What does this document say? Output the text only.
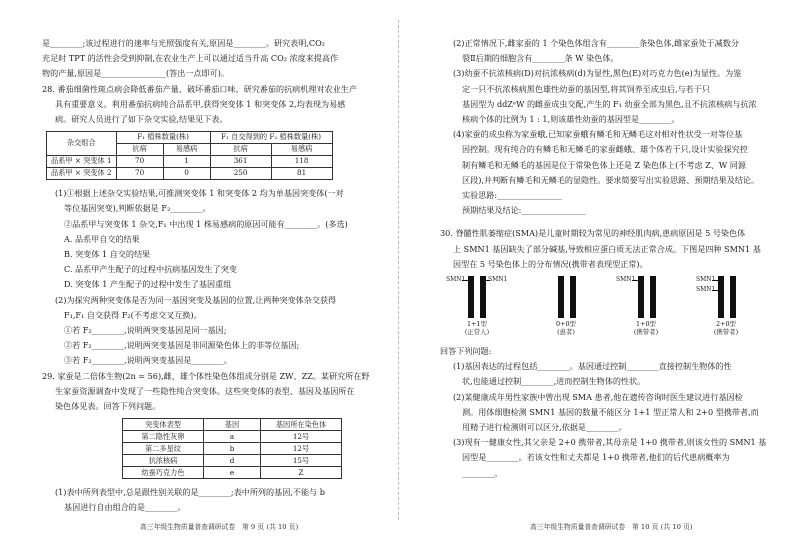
是________;该过程进行的速率与光照强度有关,原因是________。研究表明,CO₂

充足时 TPT 的活性会受到抑制,在农业生产上可以通过适当升高 CO₂ 浓度来提高作

物的产量,原因是________________(答出一点即可)。

28. 番茄细菌性斑点病会降低番茄产量、破坏番茄口味。研究番茄的抗病机理对农业生产

具有重要意义。利用番茄抗病纯合品系甲,获得突变体 1 和突变体 2,均表现为易感

病。研究人员进行了如下杂交实验,结果见下表。

杂交组合	F₁ 植株数量(株)		F₁ 自交得到的 F₂ 植株数量(株)	
	抗病	易感病	抗病	易感病
品系甲 × 突变体 1	70	1	361	118
品系甲 × 突变体 2	70	0	250	81

(1)①根据上述杂交实验结果,可推测突变体 1 和突变体 2 均为单基因突变体(一对

等位基因突变),判断依据是 F₂________。

②品系甲与突变体 1 杂交,F₁ 中出现 1 株易感病的原因可能有________。(多选)

A. 品系甲自交的结果

B. 突变体 1 自交的结果

C. 品系甲产生配子的过程中抗病基因发生了突变

D. 突变体 1 产生配子的过程中发生了基因重组

(2)为探究两种突变体是否为同一基因突变及基因的位置,让两种突变体杂交获得

F₁,F₁ 自交获得 F₂(不考虑交叉互换)。

①若 F₂________,说明两突变基因是同一基因;

②若 F₂________,说明两突变基因是非同源染色体上的非等位基因;

③若 F₂________,说明两突变基因是________。

29. 家蚕是二倍体生物(2n = 56),雌、雄个体性染色体组成分别是 ZW、ZZ。某研究所在野

生家蚕资源调查中发现了一些隐性纯合突变体。这些突变体的表型、基因及基因所在

染色体见表。回答下列问题。

突变体表型	基因	基因所在染色体
第二隐性灰卵	a	12号
第二多星纹	b	12号
抗浓核病	d	15号
幼蚕巧克力色	e	Z

(1)表中所列表型中,总是跟性别关联的是________;表中所列的基因,不能与 b

基因进行自由组合的是________。

高三年级生物质量普查调研试卷　第 9 页 (共 10 页)

(2)正常情况下,雌家蚕的 1 个染色体组含有________条染色体,雌家蚕处于减数分

裂Ⅱ后期的细胞含有________条 W 染色体。

(3)幼蚕不抗浓核病(D)对抗浓核病(d)为显性,黑色(E)对巧克力色(e)为显性。为鉴

定一只不抗浓核病黑色雄性幼蚕的基因型,将其饲养至成虫后,与若干只

基因型为 ddZᵉW 的雌蚕成虫交配,产生的 F₁ 幼蚕全部为黑色,且不抗浓核病与抗浓

核病个体的比例为 1 : 1,则该雄性幼蚕的基因型是________。

(4)家蚕的成虫称为家蚕蛾,已知家蚕蛾有鳞毛和无鳞毛这对相对性状受一对等位基

因控制。现有纯合的有鳞毛和无鳞毛的家蚕雌蛾、雄个体若干只,设计实验探究控

制有鳞毛和无鳞毛的基因是位于常染色体上还是 Z 染色体上(不考虑 Z、W 同源

区段),并判断有鳞毛和无鳞毛的显隐性。要求简要写出实验思路、预期结果及结论。

实验思路:________________

预期结果及结论:________________

30. 脊髓性肌萎缩症(SMA)是儿童时期较为常见的神经肌肉病,患病原因是 5 号染色体

上 SMN1 基因缺失了部分碱基,导致相应蛋白质无法正常合成。下图是四种 SMN1 基

因型在 5 号染色体上的分布情况(携带者表现型正常)。

SMN1	SMN1
1+1型
(正常人)
0+0型
(患者)
SMN1
1+0型
(携带者)
SMN1
SMN1
2+0型
(携带者)

回答下列问题:

(1)基因表达的过程包括________。基因通过控制________直接控制生物体的性

状,也能通过控制________,进而控制生物体的性状。

(2)某健康成年男性家族中曾出现 SMA 患者,他在遗传咨询时医生建议进行基因检

测。用体细胞检测 SMN1 基因的数量不能区分 1+1 型正常人和 2+0 型携带者,而

用精子进行检测则可以区分,依据是________。

(3)现有一健康女性,其父亲是 2+0 携带者,其母亲是 1+0 携带者,则该女性的 SMN1 基

因型是________。若该女性和丈夫都是 1+0 携带者,他们的后代患病概率为

________。

高三年级生物质量普查调研试卷　第 10 页 (共 10 页)
